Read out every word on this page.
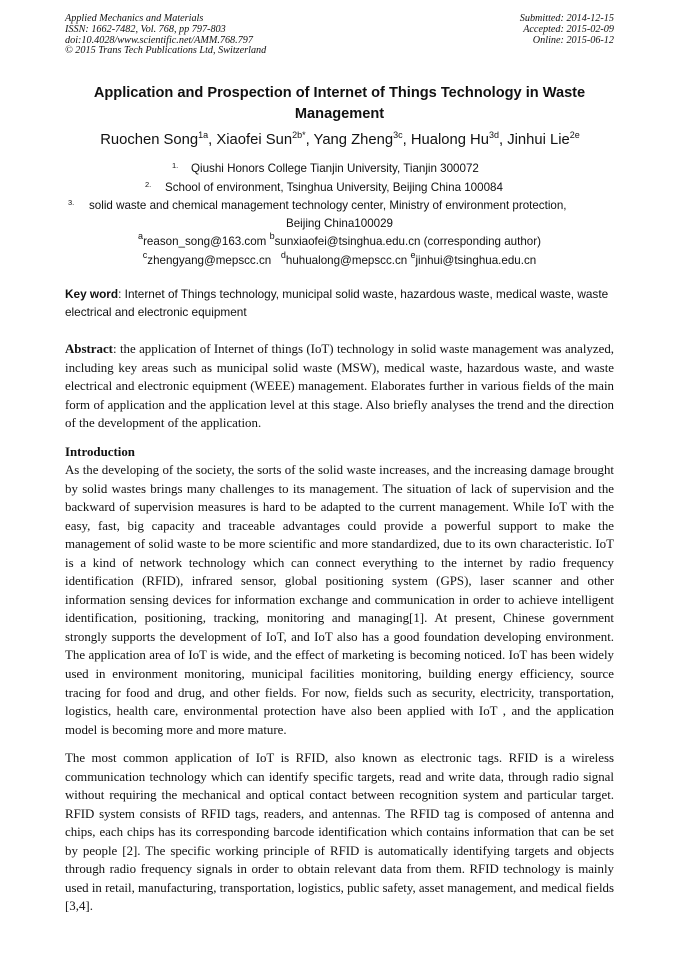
Applied Mechanics and Materials
ISSN: 1662-7482, Vol. 768, pp 797-803
doi:10.4028/www.scientific.net/AMM.768.797
© 2015 Trans Tech Publications Ltd, Switzerland
Submitted: 2014-12-15
Accepted: 2015-02-09
Online: 2015-06-12
Application and Prospection of Internet of Things Technology in Waste Management
Ruochen Song$^{1a}$, Xiaofei Sun$^{2b*}$, Yang Zheng$^{3c}$, Hualong $Hu^{3d}$, Jinhui Lie$^{2e}$
1. Qiushi Honors College Tianjin University, Tianjin 300072
2. School of environment, Tsinghua University, Beijing China 100084
3. solid waste and chemical management technology center, Ministry of environment protection,
Beijing China100029
$^a$reason_song@163.com $^b$sunxiaofei@tsinghua.edu.cn (corresponding author)
$^c$zhengyang@mepscc.cn $^d$huhualong@mepscc.cn $^e$jinhui@tsinghua.edu.cn
Key word: Internet of Things technology, municipal solid waste, hazardous waste, medical waste, waste electrical and electronic equipment
Abstract: the application of Internet of things (IoT) technology in solid waste management was analyzed, including key areas such as municipal solid waste (MSW), medical waste, hazardous waste, and waste electrical and electronic equipment (WEEE) management. Elaborates further in various fields of the main form of application and the application level at this stage. Also briefly analyses the trend and the direction of the development of the application.
Introduction
As the developing of the society, the sorts of the solid waste increases, and the increasing damage brought by solid wastes brings many challenges to its management. The situation of lack of supervision and the backward of supervision measures is hard to be adapted to the current management. While IoT with the easy, fast, big capacity and traceable advantages could provide a powerful support to make the management of solid waste to be more scientific and more standardized, due to its own characteristic. IoT is a kind of network technology which can connect everything to the internet by radio frequency identification (RFID), infrared sensor, global positioning system (GPS), laser scanner and other information sensing devices for information exchange and communication in order to achieve intelligent identification, positioning, tracking, monitoring and managing[1]. At present, Chinese government strongly supports the development of IoT, and IoT also has a good foundation developing environment. The application area of IoT is wide, and the effect of marketing is becoming noticed. IoT has been widely used in environment monitoring, municipal facilities monitoring, building energy efficiency, source tracing for food and drug, and other fields. For now, fields such as security, electricity, transportation, logistics, health care, environmental protection have also been applied with IoT , and the application model is becoming more and more mature.
The most common application of IoT is RFID, also known as electronic tags. RFID is a wireless communication technology which can identify specific targets, read and write data, through radio signal without requiring the mechanical and optical contact between recognition system and particular target. RFID system consists of RFID tags, readers, and antennas. The RFID tag is composed of antenna and chips, each chips has its corresponding barcode identification which contains information that can be set by people [2]. The specific working principle of RFID is automatically identifying targets and objects through radio frequency signals in order to obtain relevant data from them. RFID technology is mainly used in retail, manufacturing, transportation, logistics, public safety, asset management, and medical fields [3,4].
